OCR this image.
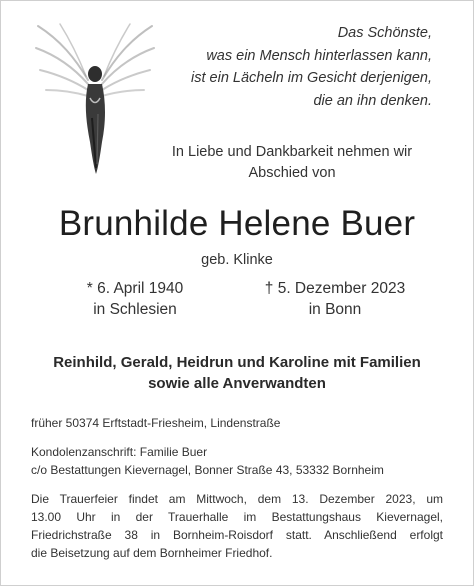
Das Schönste,
was ein Mensch hinterlassen kann,
ist ein Lächeln im Gesicht derjenigen,
die an ihn denken.
In Liebe und Dankbarkeit nehmen wir
Abschied von
Brunhilde Helene Buer
geb. Klinke
* 6. April 1940
in Schlesien
† 5. Dezember 2023
in Bonn
Reinhild, Gerald, Heidrun und Karoline mit Familien
sowie alle Anverwandten
früher 50374 Erftstadt-Friesheim, Lindenstraße
Kondolenzanschrift: Familie Buer
c/o Bestattungen Kievernagel, Bonner Straße 43, 53332 Bornheim
Die Trauerfeier findet am Mittwoch, dem 13. Dezember 2023, um
13.00 Uhr in der Trauerhalle im Bestattungshaus Kievernagel,
Friedrichstraße 38 in Bornheim-Roisdorf statt. Anschließend erfolgt
die Beisetzung auf dem Bornheimer Friedhof.
